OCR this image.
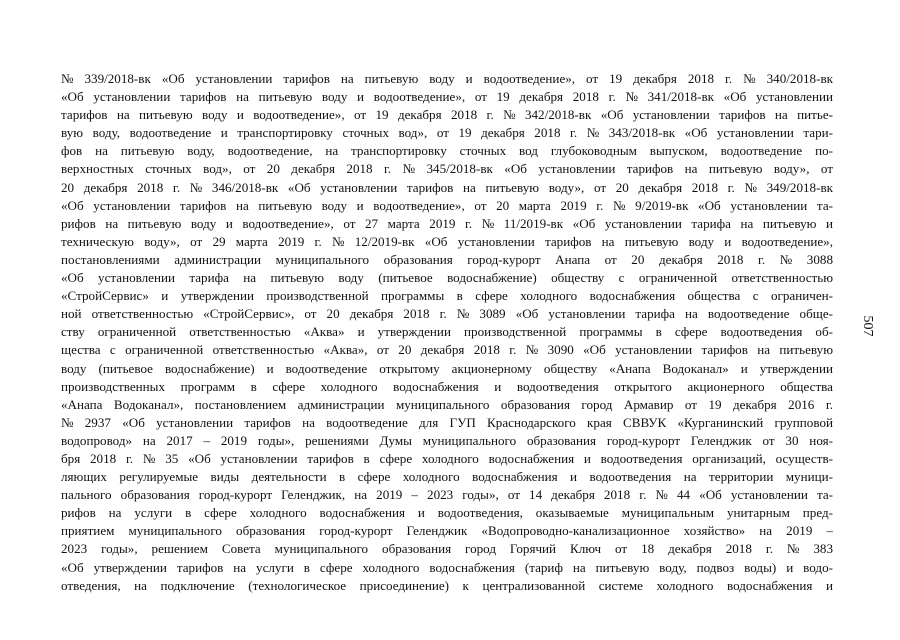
№ 339/2018-вк «Об установлении тарифов на питьевую воду и водоотведение», от 19 декабря 2018 г. № 340/2018-вк
«Об установлении тарифов на питьевую воду и водоотведение», от 19 декабря 2018 г. № 341/2018-вк «Об установлении
тарифов на питьевую воду и водоотведение», от 19 декабря 2018 г. № 342/2018-вк «Об установлении тарифов на питье-
вую воду, водоотведение и транспортировку сточных вод», от 19 декабря 2018 г. № 343/2018-вк «Об установлении тари-
фов на питьевую воду, водоотведение, на транспортировку сточных вод глубоководным выпуском, водоотведение по-
верхностных сточных вод», от 20 декабря 2018 г. № 345/2018-вк «Об установлении тарифов на питьевую воду», от
20 декабря 2018 г. № 346/2018-вк «Об установлении тарифов на питьевую воду», от 20 декабря 2018 г. № 349/2018-вк
«Об установлении тарифов на питьевую воду и водоотведение», от 20 марта 2019 г. № 9/2019-вк «Об установлении та-
рифов на питьевую воду и водоотведение», от 27 марта 2019 г. № 11/2019-вк «Об установлении тарифа на питьевую и
техническую воду», от 29 марта 2019 г. № 12/2019-вк «Об установлении тарифов на питьевую воду и водоотведение»,
постановлениями администрации муниципального образования город-курорт Анапа от 20 декабря 2018 г. № 3088
«Об установлении тарифа на питьевую воду (питьевое водоснабжение) обществу с ограниченной ответственностью
«СтройСервис» и утверждении производственной программы в сфере холодного водоснабжения общества с ограничен-
ной ответственностью «СтройСервис», от 20 декабря 2018 г. № 3089 «Об установлении тарифа на водоотведение обще-
ству ограниченной ответственностью «Аква» и утверждении производственной программы в сфере водоотведения об-
щества с ограниченной ответственностью «Аква», от 20 декабря 2018 г. № 3090 «Об установлении тарифов на питьевую
воду (питьевое водоснабжение) и водоотведение открытому акционерному обществу «Анапа Водоканал» и утверждении
производственных программ в сфере холодного водоснабжения и водоотведения открытого акционерного общества
«Анапа Водоканал», постановлением администрации муниципального образования город Армавир от 19 декабря 2016 г.
№ 2937 «Об установлении тарифов на водоотведение для ГУП Краснодарского края СВВУК «Курганинский групповой
водопровод» на 2017 – 2019 годы», решениями Думы муниципального образования город-курорт Геленджик от 30 ноя-
бря 2018 г. № 35 «Об установлении тарифов в сфере холодного водоснабжения и водоотведения организаций, осуществ-
ляющих регулируемые виды деятельности в сфере холодного водоснабжения и водоотведения на территории муници-
пального образования город-курорт Геленджик, на 2019 – 2023 годы», от 14 декабря 2018 г. № 44 «Об установлении та-
рифов на услуги в сфере холодного водоснабжения и водоотведения, оказываемые муниципальным унитарным пред-
приятием муниципального образования город-курорт Геленджик «Водопроводно-канализационное хозяйство» на 2019 –
2023 годы», решением Совета муниципального образования город Горячий Ключ от 18 декабря 2018 г. № 383
«Об утверждении тарифов на услуги в сфере холодного водоснабжения (тариф на питьевую воду, подвоз воды) и водо-
отведения, на подключение (технологическое присоединение) к централизованной системе холодного водоснабжения и
507
